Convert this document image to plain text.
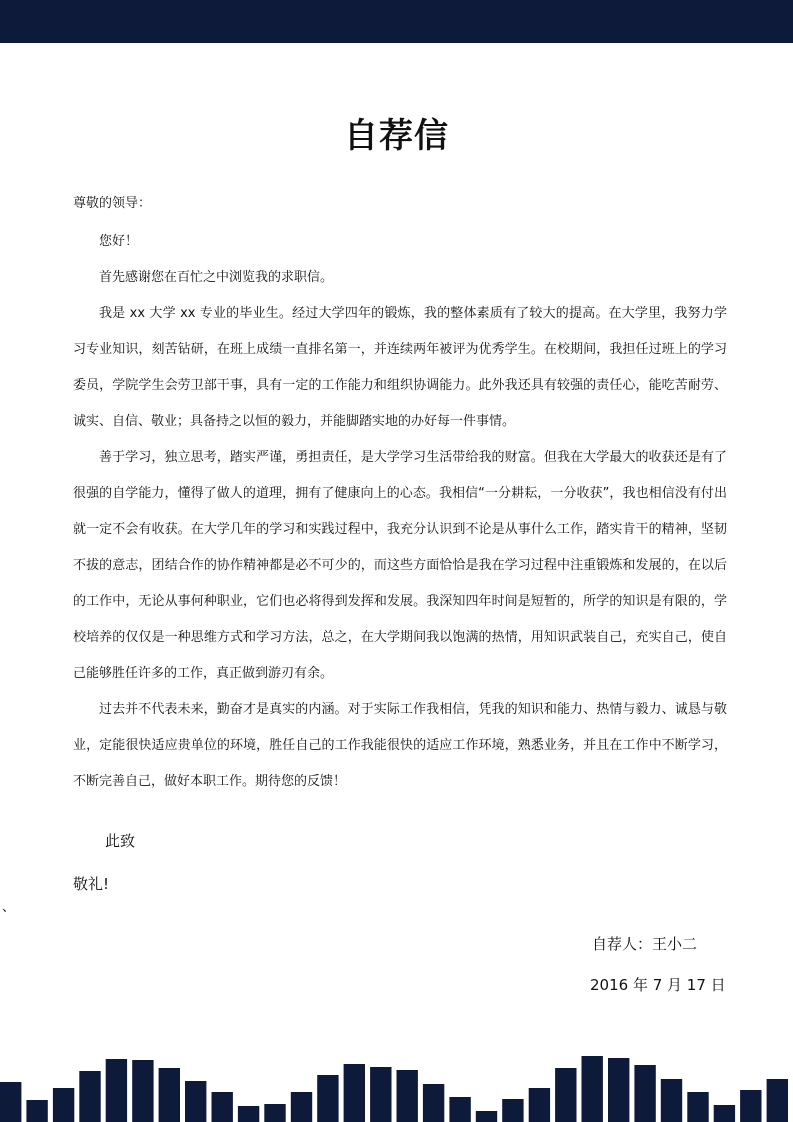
自荐信
尊敬的领导：

您好！

首先感谢您在百忙之中浏览我的求职信。

我是 xx 大学 xx 专业的毕业生。经过大学四年的锻炼，我的整体素质有了较大的提高。在大学里，我努力学习专业知识，刻苦钻研，在班上成绩一直排名第一，并连续两年被评为优秀学生。在校期间，我担任过班上的学习委员，学院学生会劳卫部干事，具有一定的工作能力和组织协调能力。此外我还具有较强的责任心，能吃苦耐劳、诚实、自信、敬业；具备持之以恒的毅力，并能脚踏实地的办好每一件事情。

善于学习，独立思考，踏实严谨，勇担责任，是大学学习生活带给我的财富。但我在大学最大的收获还是有了很强的自学能力，懂得了做人的道理，拥有了健康向上的心态。我相信“一分耕耘，一分收获”，我也相信没有付出就一定不会有收获。在大学几年的学习和实践过程中，我充分认识到不论是从事什么工作，踏实肯干的精神，坚韧不拔的意志，团结合作的协作精神都是必不可少的，而这些方面恰恰是我在学习过程中注重锻炼和发展的，在以后的工作中，无论从事何种职业，它们也必将得到发挥和发展。我深知四年时间是短暂的，所学的知识是有限的，学校培养的仅仅是一种思维方式和学习方法，总之，在大学期间我以饱满的热情，用知识武装自己，充实自己，使自己能够胜任许多的工作，真正做到游刃有余。

过去并不代表未来，勤奋才是真实的内涵。对于实际工作我相信，凭我的知识和能力、热情与毅力、诚恳与敬业，定能很快适应贵单位的环境，胜任自己的工作我能很快的适应工作环境，熟悉业务，并且在工作中不断学习，不断完善自己，做好本职工作。期待您的反馈！

此致
敬礼!
、
自荐人：王小二
2016 年 7 月 17 日
